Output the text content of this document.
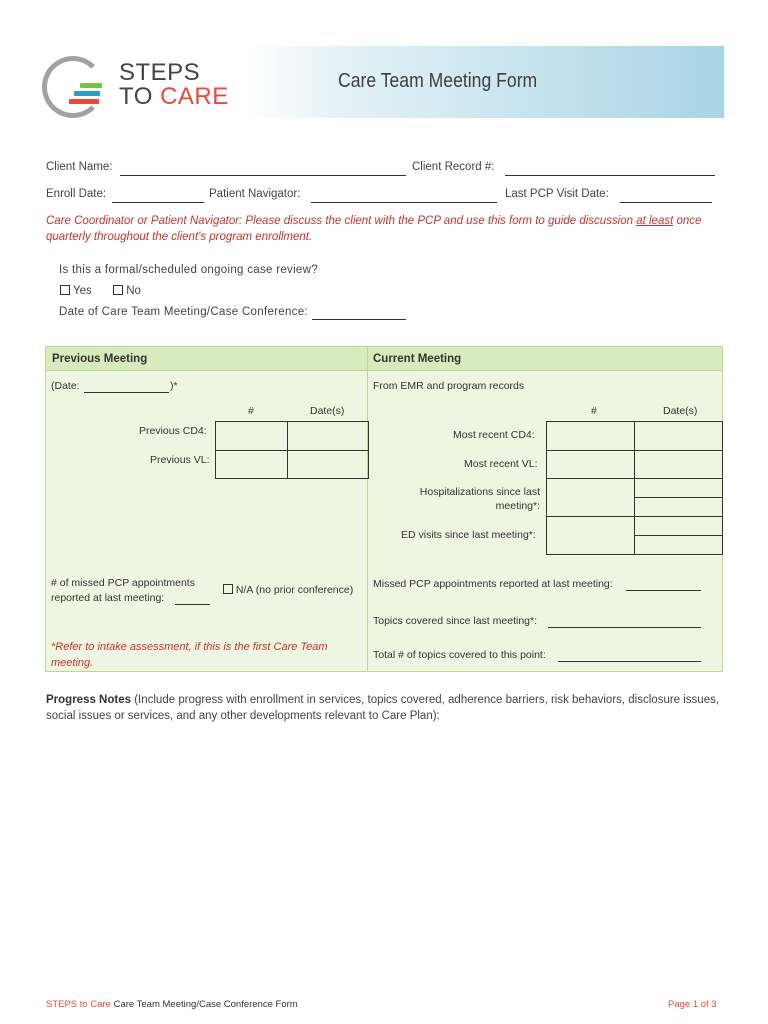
STEPS
TO CARE
Care Team Meeting Form
Client Name:	Client Record #:
Enroll Date:	Patient Navigator:	Last PCP Visit Date:
Care Coordinator or Patient Navigator: Please discuss the client with the PCP and use this form to guide discussion at least once quarterly throughout the client's program enrollment.
Is this a formal/scheduled ongoing case review?
Yes	No
Date of Care Team Meeting/Case Conference:
Previous Meeting	Current Meeting
(Date:	)*
#	Date(s)
Previous CD4:
Previous VL:
# of missed PCP appointments
reported at last meeting:
N/A (no prior conference)
*Refer to intake assessment, if this is the first Care Team meeting.
From EMR and program records
#	Date(s)
Most recent CD4:
Most recent VL:
Hospitalizations since last
meeting*:
ED visits since last meeting*:
Missed PCP appointments reported at last meeting:
Topics covered since last meeting*:
Total # of topics covered to this point:
Progress Notes (Include progress with enrollment in services, topics covered, adherence barriers, risk behaviors, disclosure issues, social issues or services, and any other developments relevant to Care Plan):
STEPS to Care Care Team Meeting/Case Conference Form	Page 1 of 3
